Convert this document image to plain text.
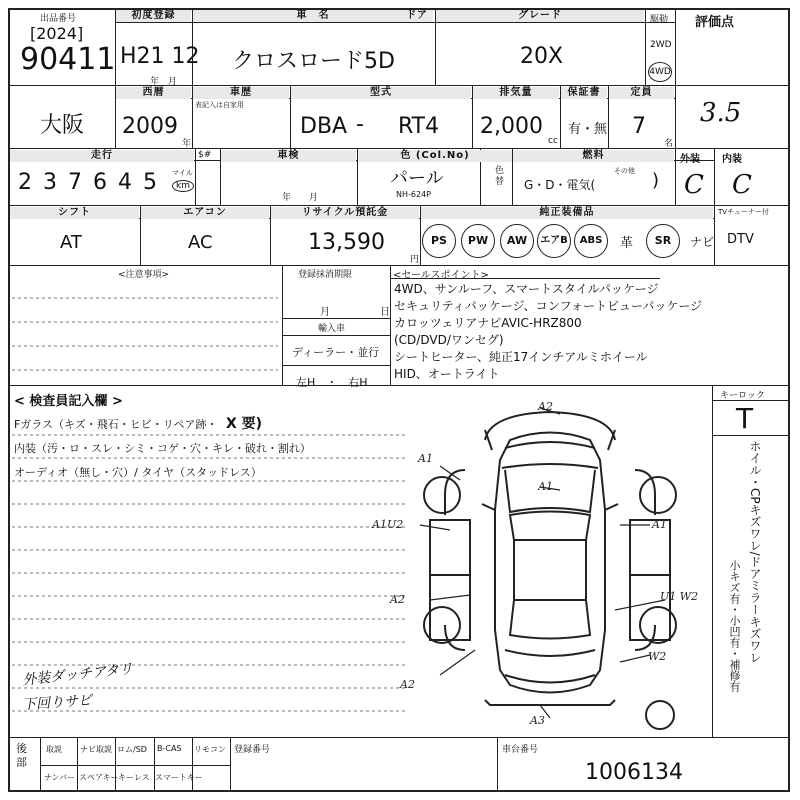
出品番号
[2024]
90411
初度登録
H21 12
年　月
車　名
クロスロード5D
ドア	グレード
20X
駆動
2WD
4WD
評価点
3.5
大阪
西暦
2009
年
車歴
表記入は自家用
型式
DBA - RT4
排気量
2,000
cc
保証書
有・無
定員
7
名
走行
2 3 7 6 4 5 マイル
km
$#	車検
年　　月
色 (Col.No)
パール
NH-624P
色替
燃料
G・D・電気(
その他 )
外装
C
内装
C
シフト
AT
エアコン
AC
リサイクル預託金
13,590
円
純正装備品
PS	PW	AW	エアB	ABS	革	SR	ナビ
TVチューナー付
DTV
<注意事項>	登録抹消期限
月　　　　　日
輸入車
ディーラー・並行
左H　・　右H
<セールスポイント>
4WD、サンルーフ、スマートスタイルパッケージ
セキュリティパッケージ、コンフォートビューパッケージ
カロッツェリアナビAVIC-HRZ800
(CD/DVD/ワンセグ)
シートヒーター、純正17インチアルミホイール
HID、オートライト
< 検査員記入欄 >
Fガラス（キズ・飛石・ヒビ・リペア跡・ X 要)
内装（汚・ロ・スレ・シミ・コゲ・穴・キレ・破れ・割れ）
オーディオ（無し・穴）/ タイヤ（スタッドレス）
外装ダッチアタリ
下回りサビ
キーロック
T
ホイル・CPキズワレ/ドアミラーキズワレ
小キズ有・小凹有・補修有
A2
A1
A1
A1U2	A1
A2	U1 W2
W2
A2
A3
後部
取説 ナビ取説 ロム/SD B-CAS リモコン
ナンバー スペアキー キーレス スマートキー
登録番号	車台番号
1006134
